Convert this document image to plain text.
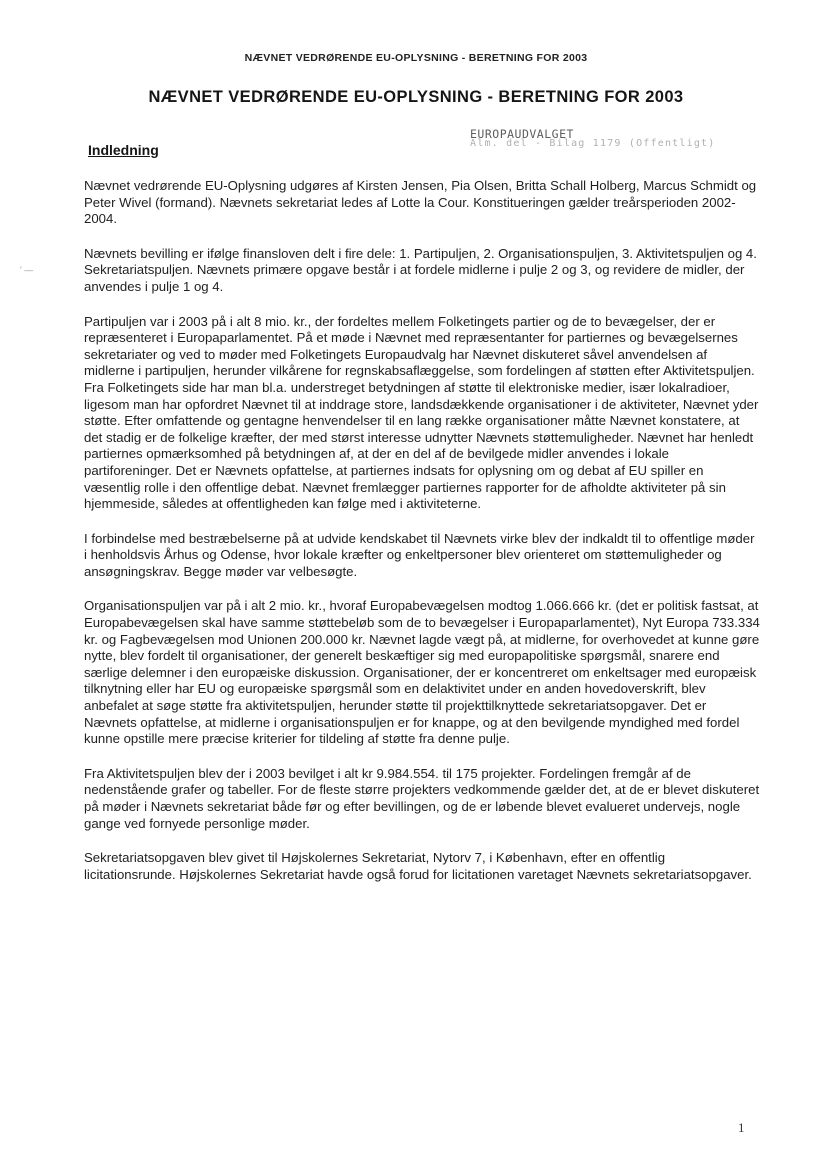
NÆVNET VEDRØRENDE EU-OPLYSNING - BERETNING FOR 2003
NÆVNET VEDRØRENDE EU-OPLYSNING - BERETNING FOR 2003
EUROPAUDVALGET
Alm. del - Bilag 1179 (Offentligt)
Indledning
' —

Nævnet vedrørende EU-Oplysning udgøres af Kirsten Jensen, Pia Olsen, Britta Schall Holberg, Marcus Schmidt og Peter Wivel (formand). Nævnets sekretariat ledes af Lotte la Cour. Konstitueringen gælder treårsperioden 2002-2004.

Nævnets bevilling er ifølge finansloven delt i fire dele: 1. Partipuljen, 2. Organisationspuljen, 3. Aktivitetspuljen og 4. Sekretariatspuljen. Nævnets primære opgave består i at fordele midlerne i pulje 2 og 3, og revidere de midler, der anvendes i pulje 1 og 4.

Partipuljen var i 2003 på i alt 8 mio. kr., der fordeltes mellem Folketingets partier og de to bevægelser, der er repræsenteret i Europaparlamentet. På et møde i Nævnet med repræsentanter for partiernes og bevægelsernes sekretariater og ved to møder med Folketingets Europaudvalg har Nævnet diskuteret såvel anvendelsen af midlerne i partipuljen, herunder vilkårene for regnskabsaflæggelse, som fordelingen af støtten efter Aktivitetspuljen. Fra Folketingets side har man bl.a. understreget betydningen af støtte til elektroniske medier, især lokalradioer, ligesom man har opfordret Nævnet til at inddrage store, landsdækkende organisationer i de aktiviteter, Nævnet yder støtte. Efter omfattende og gentagne henvendelser til en lang række organisationer måtte Nævnet konstatere, at det stadig er de folkelige kræfter, der med størst interesse udnytter Nævnets støttemuligheder. Nævnet har henledt partiernes opmærksomhed på betydningen af, at der en del af de bevilgede midler anvendes i lokale partiforeninger. Det er Nævnets opfattelse, at partiernes indsats for oplysning om og debat af EU spiller en væsentlig rolle i den offentlige debat. Nævnet fremlægger partiernes rapporter for de afholdte aktiviteter på sin hjemmeside, således at offentligheden kan følge med i aktiviteterne.

I forbindelse med bestræbelserne på at udvide kendskabet til Nævnets virke blev der indkaldt til to offentlige møder i henholdsvis Århus og Odense, hvor lokale kræfter og enkeltpersoner blev orienteret om støttemuligheder og ansøgningskrav. Begge møder var velbesøgte.

Organisationspuljen var på i alt 2 mio. kr., hvoraf Europabevægelsen modtog 1.066.666 kr. (det er politisk fastsat, at Europabevægelsen skal have samme støttebeløb som de to bevægelser i Europaparlamentet), Nyt Europa 733.334 kr. og Fagbevægelsen mod Unionen 200.000 kr. Nævnet lagde vægt på, at midlerne, for overhovedet at kunne gøre nytte, blev fordelt til organisationer, der generelt beskæftiger sig med europapolitiske spørgsmål, snarere end særlige delemner i den europæiske diskussion. Organisationer, der er koncentreret om enkeltsager med europæisk tilknytning eller har EU og europæiske spørgsmål som en delaktivitet under en anden hovedoverskrift, blev anbefalet at søge støtte fra aktivitetspuljen, herunder støtte til projekttilknyttede sekretariatsopgaver. Det er Nævnets opfattelse, at midlerne i organisationspuljen er for knappe, og at den bevilgende myndighed med fordel kunne opstille mere præcise kriterier for tildeling af støtte fra denne pulje.

Fra Aktivitetspuljen blev der i 2003 bevilget i alt kr 9.984.554. til 175 projekter. Fordelingen fremgår af de nedenstående grafer og tabeller. For de fleste større projekters vedkommende gælder det, at de er blevet diskuteret på møder i Nævnets sekretariat både før og efter bevillingen, og de er løbende blevet evalueret undervejs, nogle gange ved fornyede personlige møder.

Sekretariatsopgaven blev givet til Højskolernes Sekretariat, Nytorv 7, i København, efter en offentlig licitationsrunde. Højskolernes Sekretariat havde også forud for licitationen varetaget Nævnets sekretariatsopgaver.

1
